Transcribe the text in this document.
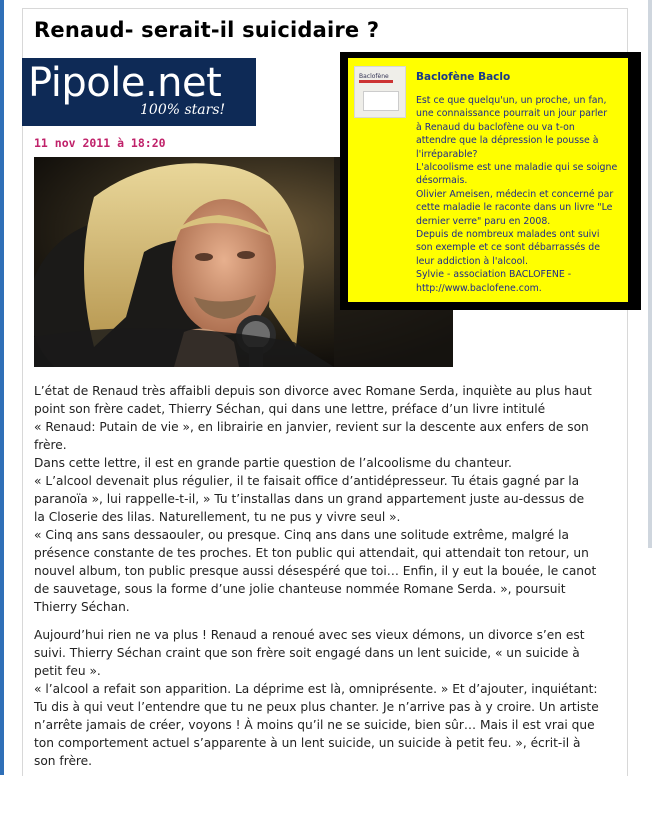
Renaud- serait-il suicidaire ?
Pipole.net
100% stars!
11 nov 2011 à 18:20
Baclofène	Baclofène Baclo
Est ce que quelqu'un, un proche, un fan,
une connaissance pourrait un jour parler
à Renaud du baclofène ou va t-on
attendre que la dépression le pousse à
l'irréparable?
L'alcoolisme est une maladie qui se soigne
désormais.
Olivier Ameisen, médecin et concerné par
cette maladie le raconte dans un livre "Le
dernier verre" paru en 2008.
Depuis de nombreux malades ont suivi
son exemple et ce sont débarrassés de
leur addiction à l'alcool.
Sylvie - association BACLOFENE -
http://www.baclofene.com.

L’état de Renaud très affaibli depuis son divorce avec Romane Serda, inquiète au plus haut
point son frère cadet, Thierry Séchan, qui dans une lettre, préface d’un livre intitulé
« Renaud: Putain de vie », en librairie en janvier, revient sur la descente aux enfers de son
frère.
Dans cette lettre, il est en grande partie question de l’alcoolisme du chanteur.
« L’alcool devenait plus régulier, il te faisait office d’antidépresseur. Tu étais gagné par la
paranoïa », lui rappelle-t-il, » Tu t’installas dans un grand appartement juste au-dessus de
la Closerie des lilas. Naturellement, tu ne pus y vivre seul ».
« Cinq ans sans dessaouler, ou presque. Cinq ans dans une solitude extrême, malgré la
présence constante de tes proches. Et ton public qui attendait, qui attendait ton retour, un
nouvel album, ton public presque aussi désespéré que toi… Enfin, il y eut la bouée, le canot
de sauvetage, sous la forme d’une jolie chanteuse nommée Romane Serda. », poursuit
Thierry Séchan.

Aujourd’hui rien ne va plus ! Renaud a renoué avec ses vieux démons, un divorce s’en est
suivi. Thierry Séchan craint que son frère soit engagé dans un lent suicide, « un suicide à
petit feu ».
« l’alcool a refait son apparition. La déprime est là, omniprésente. » Et d’ajouter, inquiétant:
Tu dis à qui veut l’entendre que tu ne peux plus chanter. Je n’arrive pas à y croire. Un artiste
n’arrête jamais de créer, voyons ! À moins qu’il ne se suicide, bien sûr… Mais il est vrai que
ton comportement actuel s’apparente à un lent suicide, un suicide à petit feu. », écrit-il à
son frère.
